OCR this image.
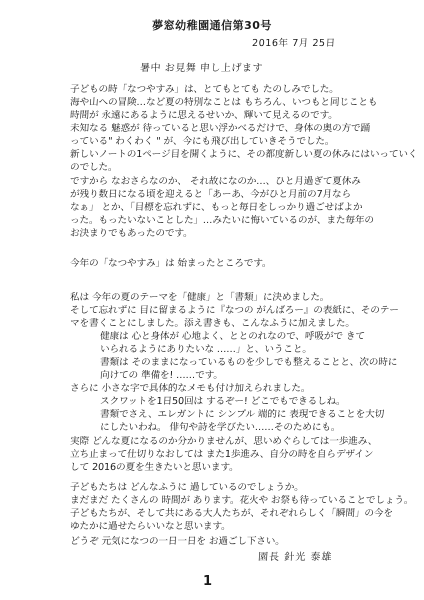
夢窓幼稚園通信第30号
2016年 7月 25日
暑中 お見舞 申し上げます
子どもの時「なつやすみ」は、とてもとても たのしみでした。
海や山への冒険…など夏の特別なことは もちろん、いつもと同じことも
時間が 永遠にあるように思えるせいか、輝いて見えるのです。
未知なる 魅惑が 待っていると思い浮かべるだけで、身体の奥の方で踊
っている" わくわく " が、今にも飛び出していきそうでした。
新しいノートの1ページ目を開くように、その都度新しい夏の休みにはいっていく
のでした。
ですから なおさらなのか、 それ故になのか…、ひと月過ぎて夏休み
が残り数日になる頃を迎えると「あーあ、今がひと月前の7月なら
なぁ」 とか、「目標を忘れずに、もっと毎日をしっかり過ごせばよか
った。もったいないことした」…みたいに悔いているのが、また毎年の
お決まりでもあったのです。
今年の「なつやすみ」は 始まったところです。
私は 今年の夏のテーマを「健康」と「書類」に決めました。
そして忘れずに 目に留まるように『なつの がんばろー』の表紙に、そのテー
マを書くことにしました。添え書きも、こんなふうに加えました。
健康は 心と身体が 心地よく、ととのれなので、呼吸がで きて
いられるようにありたいな ……」と、いうこと。
書類は そのままになっているものを少しでも整えることと、次の時に
向けての 準備を! ……です。
さらに 小さな字で具体的なメモも付け加えられました。
スクワットを1日50回は するぞー! どこでもできるしね。
書類でさえ、エレガントに シンプル 端的に 表現できることを大切
にしたいわね。 俳句や詩を学びたい……そのためにも。
実際 どんな夏になるのか分かりませんが、思いめぐらしては一歩進み、
立ち止まって仕切りなおしては また1歩進み、自分の時を自らデザイン
して 2016の夏を生きたいと思います。
子どもたちは どんなふうに 過しているのでしょうか。
まだまだ たくさんの 時間が あります。花火や お祭も待っていることでしょう。
子どもたちが、そして共にある大人たちが、それぞれらしく「瞬間」の今を
ゆたかに過せたらいいなと思います。
どうぞ 元気になつの一日一日を お過ごし下さい。
園長 針光 泰雄
1
